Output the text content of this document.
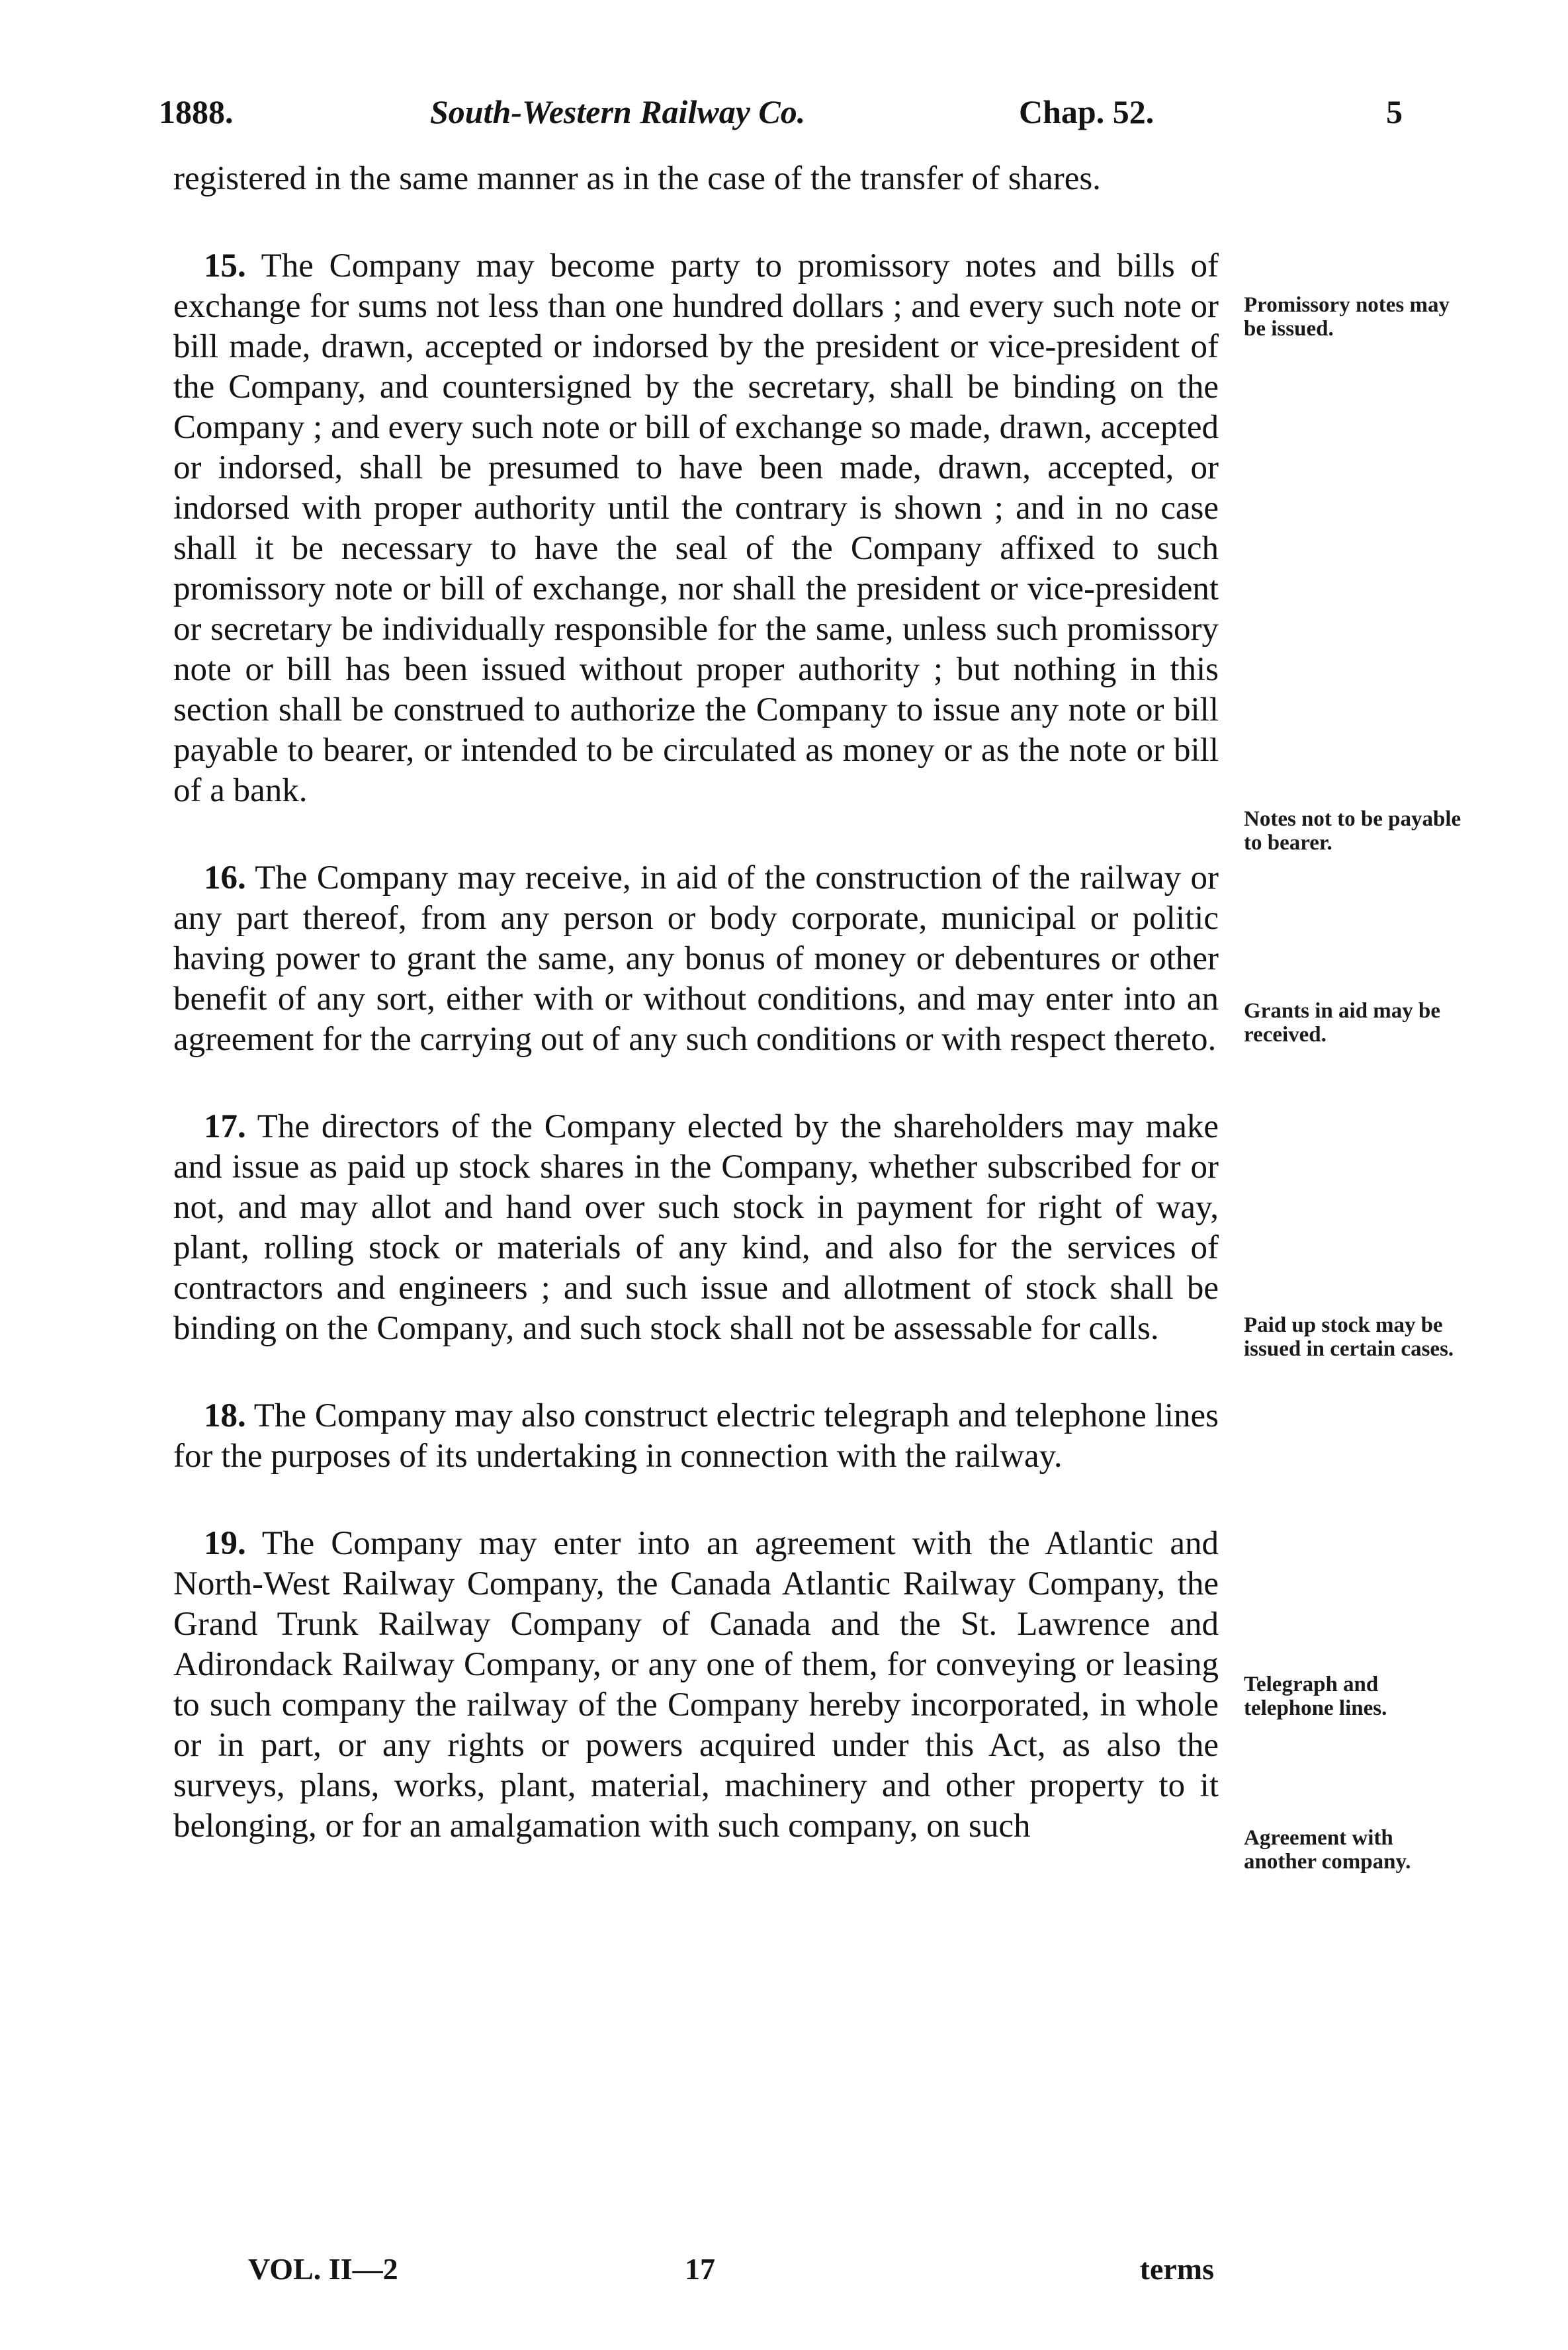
1888.	South-Western Railway Co.	Chap. 52.	5

registered in the same manner as in the case of the transfer of shares.

15. The Company may become party to promissory notes and bills of exchange for sums not less than one hundred dollars ; and every such note or bill made, drawn, accepted or indorsed by the president or vice-president of the Company, and countersigned by the secretary, shall be binding on the Company ; and every such note or bill of exchange so made, drawn, accepted or indorsed, shall be presumed to have been made, drawn, accepted, or indorsed with proper authority until the contrary is shown ; and in no case shall it be necessary to have the seal of the Company affixed to such promissory note or bill of exchange, nor shall the president or vice-president or secretary be individually responsible for the same, unless such promissory note or bill has been issued without proper authority ; but nothing in this section shall be construed to authorize the Company to issue any note or bill payable to bearer, or intended to be circulated as money or as the note or bill of a bank.

16. The Company may receive, in aid of the construction of the railway or any part thereof, from any person or body corporate, municipal or politic having power to grant the same, any bonus of money or debentures or other benefit of any sort, either with or without conditions, and may enter into an agreement for the carrying out of any such conditions or with respect thereto.

17. The directors of the Company elected by the shareholders may make and issue as paid up stock shares in the Company, whether subscribed for or not, and may allot and hand over such stock in payment for right of way, plant, rolling stock or materials of any kind, and also for the services of contractors and engineers ; and such issue and allotment of stock shall be binding on the Company, and such stock shall not be assessable for calls.

18. The Company may also construct electric telegraph and telephone lines for the purposes of its undertaking in connection with the railway.

19. The Company may enter into an agreement with the Atlantic and North-West Railway Company, the Canada Atlantic Railway Company, the Grand Trunk Railway Company of Canada and the St. Lawrence and Adirondack Railway Company, or any one of them, for conveying or leasing to such company the railway of the Company hereby incorporated, in whole or in part, or any rights or powers acquired under this Act, as also the surveys, plans, works, plant, material, machinery and other property to it belonging, or for an amalgamation with such company, on such

Promissory notes may be issued.
Notes not to be payable to bearer.
Grants in aid may be received.
Paid up stock may be issued in certain cases.
Telegraph and telephone lines.
Agreement with another company.
VOL. II—2	17	terms
